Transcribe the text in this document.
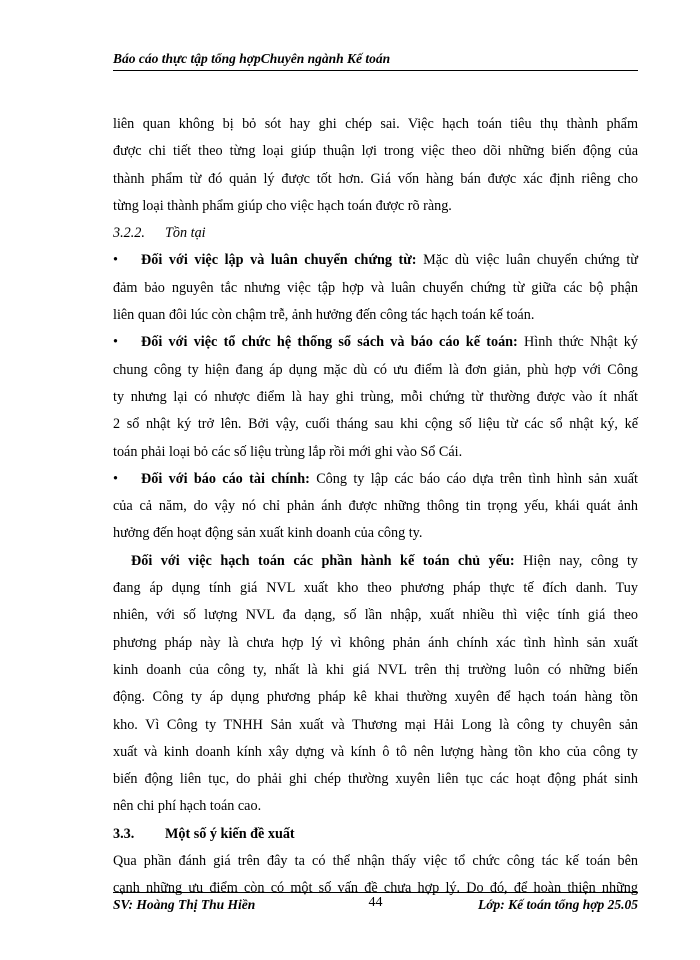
Báo cáo thực tập tổng hợpChuyên ngành Kế toán

liên quan không bị bỏ sót hay ghi chép sai. Việc hạch toán tiêu thụ thành phẩm
được chi tiết theo từng loại giúp thuận lợi trong việc theo dõi những biến động của
thành phẩm từ đó quản lý được tốt hơn. Giá vốn hàng bán được xác định riêng cho
từng loại thành phẩm giúp cho việc hạch toán được rõ ràng.

3.2.2. Tồn tại

•	Đối với việc lập và luân chuyển chứng từ: Mặc dù việc luân chuyển chứng từ
đảm bảo nguyên tắc nhưng việc tập hợp và luân chuyển chứng từ giữa các bộ phận
liên quan đôi lúc còn chậm trễ, ảnh hưởng đến công tác hạch toán kế toán.
•	Đối với việc tổ chức hệ thống sổ sách và báo cáo kế toán: Hình thức Nhật ký
chung công ty hiện đang áp dụng mặc dù có ưu điểm là đơn giản, phù hợp với Công
ty nhưng lại có nhược điểm là hay ghi trùng, mỗi chứng từ thường được vào ít nhất
2 sổ nhật ký trở lên. Bởi vậy, cuối tháng sau khi cộng số liệu từ các sổ nhật ký, kế
toán phải loại bỏ các số liệu trùng lắp rồi mới ghi vào Sổ Cái.
•	Đối với báo cáo tài chính: Công ty lập các báo cáo dựa trên tình hình sản xuất
của cả năm, do vậy nó chỉ phản ánh được những thông tin trọng yếu, khái quát ảnh
hưởng đến hoạt động sản xuất kinh doanh của công ty.

Đối với việc hạch toán các phần hành kế toán chủ yếu: Hiện nay, công ty
đang áp dụng tính giá NVL xuất kho theo phương pháp thực tế đích danh. Tuy
nhiên, với số lượng NVL đa dạng, số lần nhập, xuất nhiều thì việc tính giá theo
phương pháp này là chưa hợp lý vì không phản ánh chính xác tình hình sản xuất
kinh doanh của công ty, nhất là khi giá NVL trên thị trường luôn có những biến
động. Công ty áp dụng phương pháp kê khai thường xuyên để hạch toán hàng tồn
kho. Vì Công ty TNHH Sản xuất và Thương mại Hải Long là công ty chuyên sản
xuất và kinh doanh kính xây dựng và kính ô tô nên lượng hàng tồn kho của công ty
biến động liên tục, do phải ghi chép thường xuyên liên tục các hoạt động phát sinh
nên chi phí hạch toán cao.

3.3. Một số ý kiến đề xuất

Qua phần đánh giá trên đây ta có thể nhận thấy việc tổ chức công tác kế toán bên
cạnh những ưu điểm còn có một số vấn đề chưa hợp lý. Do đó, để hoàn thiện những

SV: Hoàng Thị Thu Hiền	44	Lớp: Kế toán tổng hợp 25.05
